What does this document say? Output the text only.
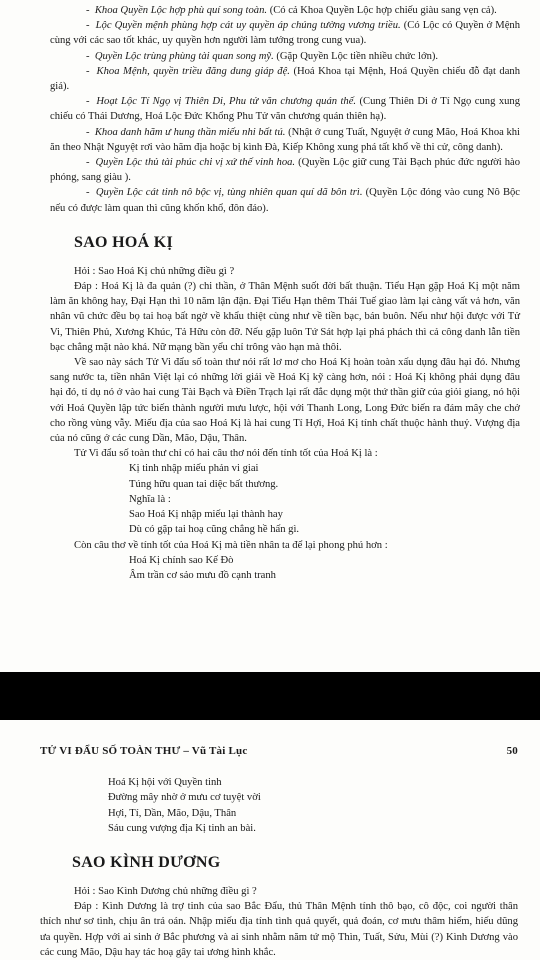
- Khoa Quyền Lộc hợp phù quí song toàn. (Có cả Khoa Quyền Lộc hợp chiếu giàu sang vẹn cả).

- Lộc Quyền mệnh phùng hợp cát uy quyền áp chúng tường vương triều. (Có Lộc có Quyền ở Mệnh cùng với các sao tốt khác, uy quyền hơn người làm tướng trong cung vua).

- Quyền Lộc trùng phùng tài quan song mỹ. (Gặp Quyền Lộc tiền nhiều chức lớn).

- Khoa Mệnh, quyền triều đăng dung giáp đệ. (Hoá Khoa tại Mệnh, Hoá Quyền chiếu đỗ đạt danh giá).

- Hoạt Lộc Tí Ngọ vị Thiên Di, Phu tử văn chương quán thế. (Cung Thiên Di ở Tí Ngọ cung xung chiếu có Thái Dương, Hoá Lộc Đức Khổng Phu Tử văn chương quán thiên hạ).

- Khoa danh hãm ư hung thần miếu nhi bất tú. (Nhật ở cung Tuất, Nguyệt ở cung Mão, Hoá Khoa khi ăn theo Nhật Nguyệt rơi vào hãm địa hoặc bị kình Đà, Kiếp Không xung phá tất khổ về thi cử, công danh).

- Quyền Lộc thủ tài phúc chi vị xứ thế vinh hoa. (Quyền Lộc giữ cung Tài Bạch phúc đức người hào phóng, sang giàu ).

- Quyền Lộc cát tinh nô bộc vị, tùng nhiên quan quí dã bôn trì. (Quyền Lộc đóng vào cung Nô Bộc nếu có được làm quan thì cũng khốn khổ, đôn đáo).

SAO HOÁ KỊ

Hỏi : Sao Hoá Kị chủ những điều gì ?

Đáp : Hoá Kị là đa quản (?) chi thần, ở Thân Mệnh suốt đời bất thuận. Tiểu Hạn gặp Hoá Kị một năm làm ăn không hay, Đại Hạn thì 10 năm lận đận. Đại Tiểu Hạn thêm Thái Tuế giao làm lại càng vất vả hơn, văn nhân vũ chức đều bọ tai hoạ bất ngờ về khẩu thiệt cùng như về tiền bạc, bán buôn. Nếu như hội được với Tử Vi, Thiên Phủ, Xương Khúc, Tả Hữu còn đỡ. Nếu gặp luôn Tứ Sát hợp lại phá phách thì cả công danh lẫn tiền bạc chẳng mặt nào khá. Nữ mạng bần yểu chỉ trông vào hạn mà thôi.

Về sao này sách Tử Vi đẩu số toàn thư nói rất lơ mơ cho Hoá Kị hoàn toàn xấu dụng đâu hại đó. Nhưng sang nước ta, tiền nhân Việt lại có những lời giải về Hoá Kị kỹ càng hơn, nói : Hoá Kị không phải dụng đâu hại đó, tỉ dụ nó ở vào hai cung Tài Bạch và Điền Trạch lại rất đắc dụng một thứ thần giữ của giỏi giang, nó hội với Hoá Quyền lập tức biến thành người mưu lược, hội với Thanh Long, Long Đức biến ra đám mây che chở cho rồng vùng vẫy. Miếu địa của sao Hoá Kị là hai cung Tí Hợi, Hoá Kị tính chất thuộc hành thuỷ. Vượng địa của nó cũng ở các cung Dần, Mão, Dậu, Thân.

Tử Vi đẩu số toàn thư chỉ có hai câu thơ nói đến tính tốt của Hoá Kị là :

Kị tinh nhập miếu phản vi giai

Túng hữu quan tai diệc bất thương.

Nghĩa là :

Sao Hoá Kị nhập miếu lại thành hay

Dù có gặp tai hoạ cũng chẳng hề hấn gì.

Còn câu thơ về tính tốt của Hoá Kị mà tiền nhân ta để lại phong phú hơn :

Hoá Kị chính sao Kế Đò

Âm trần cơ sảo mưu đồ cạnh tranh

TỬ VI ĐẨU SỐ TOÀN THƯ – Vũ Tài Lục	50

Hoá Kị hội với Quyền tinh

Đường mây nhờ ở mưu cơ tuyệt vời

Hợi, Tí, Dần, Mão, Dậu, Thân

Sáu cung vượng địa Kị tinh an bài.

SAO KÌNH DƯƠNG

Hỏi : Sao Kình Dương chủ những điều gì ?

Đáp : Kình Dương là trợ tinh của sao Bắc Đẩu, thủ Thân Mệnh tính thô bạo, cô độc, coi người thân thích như sơ tình, chịu ân trả oán. Nhập miếu địa tính tình quả quyết, quả đoán, cơ mưu thâm hiểm, hiếu dũng ưa quyền. Hợp với ai sinh ở Bắc phương và ai sinh nhằm năm tứ mộ Thìn, Tuất, Sửu, Mùi (?) Kình Dương vào các cung Mão, Dậu hay tác hoạ gây tai ương hình khắc.
